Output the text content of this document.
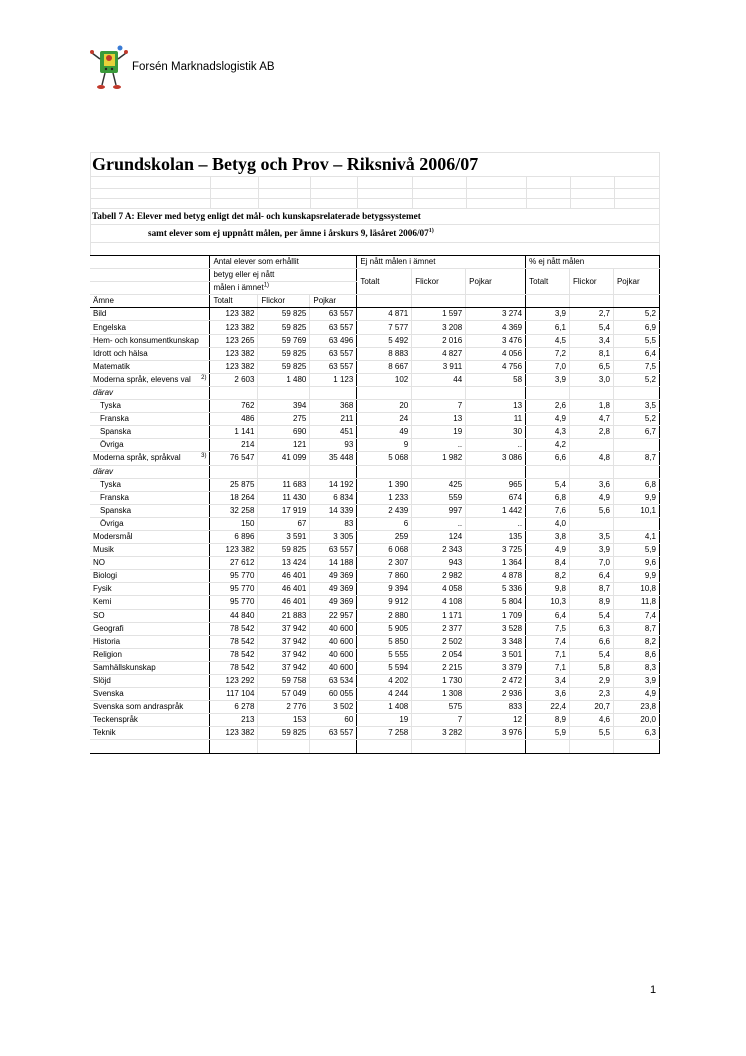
Forsén Marknadslogistik AB
Grundskolan – Betyg och Prov – Riksnivå 2006/07
Tabell 7 A: Elever med betyg enligt det mål- och kunskapsrelaterade betygssystemet
samt elever som ej uppnått målen, per ämne i årskurs 9, läsåret 2006/07$^{1)}$
	Antal elever som erhållit			Ej nått målen i ämnet			% ej nått målen		
	betyg eller ej nått			Totalt	Flickor	Pojkar	Totalt	Flickor	Pojkar
	målen i ämnet$^{1)}$
Ämne	Totalt	Flickor	Pojkar						
Bild	123 382	59 825	63 557	4 871	1 597	3 274	3,9	2,7	5,2
Engelska	123 382	59 825	63 557	7 577	3 208	4 369	6,1	5,4	6,9
Hem- och konsumentkunskap	123 265	59 769	63 496	5 492	2 016	3 476	4,5	3,4	5,5
Idrott och hälsa	123 382	59 825	63 557	8 883	4 827	4 056	7,2	8,1	6,4
Matematik	123 382	59 825	63 557	8 667	3 911	4 756	7,0	6,5	7,5
Moderna språk, elevens val 2)	2 603	1 480	1 123	102	44	58	3,9	3,0	5,2
därav									
Tyska	762	394	368	20	7	13	2,6	1,8	3,5
Franska	486	275	211	24	13	11	4,9	4,7	5,2
Spanska	1 141	690	451	49	19	30	4,3	2,8	6,7
Övriga	214	121	93	9	..	..	4,2		
Moderna språk, språkval 3)	76 547	41 099	35 448	5 068	1 982	3 086	6,6	4,8	8,7
därav									
Tyska	25 875	11 683	14 192	1 390	425	965	5,4	3,6	6,8
Franska	18 264	11 430	6 834	1 233	559	674	6,8	4,9	9,9
Spanska	32 258	17 919	14 339	2 439	997	1 442	7,6	5,6	10,1
Övriga	150	67	83	6	..	..	4,0		
Modersmål	6 896	3 591	3 305	259	124	135	3,8	3,5	4,1
Musik	123 382	59 825	63 557	6 068	2 343	3 725	4,9	3,9	5,9
NO	27 612	13 424	14 188	2 307	943	1 364	8,4	7,0	9,6
Biologi	95 770	46 401	49 369	7 860	2 982	4 878	8,2	6,4	9,9
Fysik	95 770	46 401	49 369	9 394	4 058	5 336	9,8	8,7	10,8
Kemi	95 770	46 401	49 369	9 912	4 108	5 804	10,3	8,9	11,8
SO	44 840	21 883	22 957	2 880	1 171	1 709	6,4	5,4	7,4
Geografi	78 542	37 942	40 600	5 905	2 377	3 528	7,5	6,3	8,7
Historia	78 542	37 942	40 600	5 850	2 502	3 348	7,4	6,6	8,2
Religion	78 542	37 942	40 600	5 555	2 054	3 501	7,1	5,4	8,6
Samhällskunskap	78 542	37 942	40 600	5 594	2 215	3 379	7,1	5,8	8,3
Slöjd	123 292	59 758	63 534	4 202	1 730	2 472	3,4	2,9	3,9
Svenska	117 104	57 049	60 055	4 244	1 308	2 936	3,6	2,3	4,9
Svenska som andraspråk	6 278	2 776	3 502	1 408	575	833	22,4	20,7	23,8
Teckenspråk	213	153	60	19	7	12	8,9	4,6	20,0
Teknik	123 382	59 825	63 557	7 258	3 282	3 976	5,9	5,5	6,3

1
